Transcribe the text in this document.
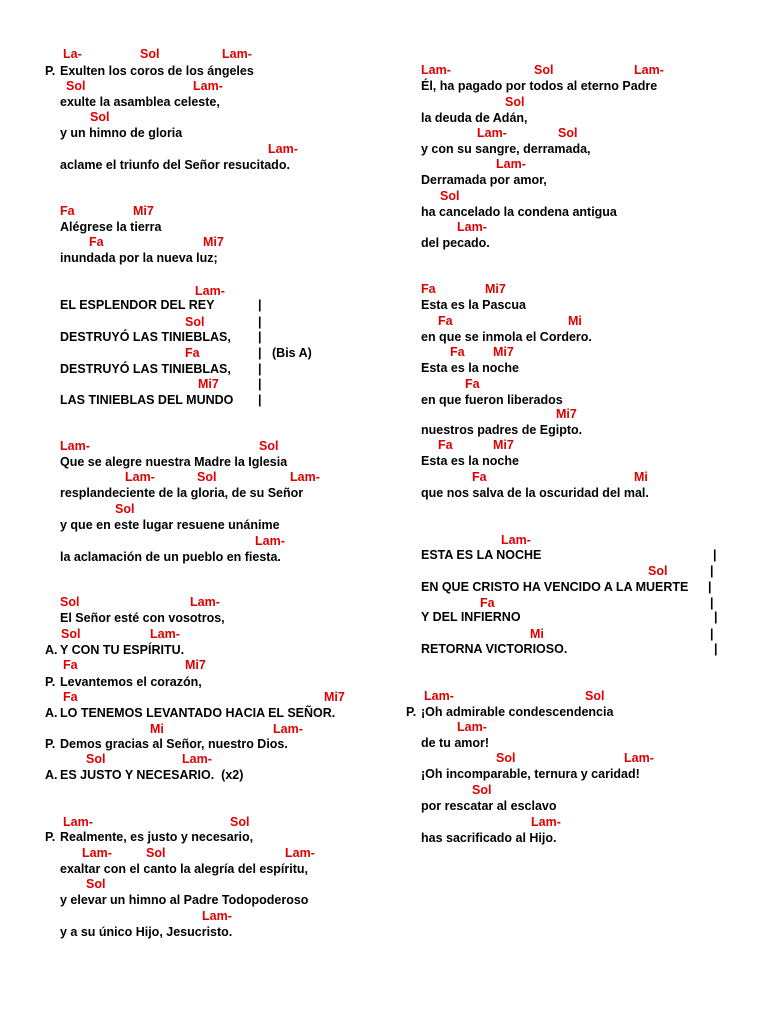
La-	Sol	Lam-
P. Exulten los coros de los ángeles
Sol	Lam-
exulte la asamblea celeste,
Sol
y un himno de gloria
Lam-
aclame el triunfo del Señor resucitado.
Fa	Mi7
Alégrese la tierra
Fa	Mi7
inundada por la nueva luz;
Lam-
EL ESPLENDOR DEL REY	|
Sol	|
DESTRUYÓ LAS TINIEBLAS, |
Fa	| (Bis A)
DESTRUYÓ LAS TINIEBLAS, |
Mi7	|
LAS TINIEBLAS DEL MUNDO |
Lam-	Sol
Que se alegre nuestra Madre la Iglesia
Lam-	Sol	Lam-
resplandeciente de la gloria, de su Señor
Sol
y que en este lugar resuene unánime
Lam-
la aclamación de un pueblo en fiesta.
Sol	Lam-
El Señor esté con vosotros,
Sol	Lam-
A. Y CON TU ESPÍRITU.
Fa	Mi7
P. Levantemos el corazón,
Fa	Mi7
A. LO TENEMOS LEVANTADO HACIA EL SEÑOR.
Mi	Lam-
P. Demos gracias al Señor, nuestro Dios.
Sol	Lam-
A. ES JUSTO Y NECESARIO.  (x2)
Lam-	Sol
P. Realmente, es justo y necesario,
Lam-	Sol	Lam-
exaltar con el canto la alegría del espíritu,
Sol
y elevar un himno al Padre Todopoderoso
Lam-
y a su único Hijo, Jesucristo.
Lam-	Sol	Lam-
Él, ha pagado por todos al eterno Padre
Sol
la deuda de Adán,
Lam-	Sol
y con su sangre, derramada,
Lam-
Derramada por amor,
Sol
ha cancelado la condena antigua
Lam-
del pecado.
Fa	Mi7
Esta es la Pascua
Fa	Mi
en que se inmola el Cordero.
Fa Mi7
Esta es la noche
Fa
en que fueron liberados
Mi7
nuestros padres de Egipto.
Fa	Mi7
Esta es la noche
Fa	Mi
que nos salva de la oscuridad del mal.
Lam-
ESTA ES LA NOCHE	|
Sol	|
EN QUE CRISTO HA VENCIDO A LA MUERTE |
Fa	|
Y DEL INFIERNO	|
Mi	|
RETORNA VICTORIOSO.	|
Lam-	Sol
P. ¡Oh admirable condescendencia
Lam-
de tu amor!
Sol	Lam-
¡Oh incomparable, ternura y caridad!
Sol
por rescatar al esclavo
Lam-
has sacrificado al Hijo.
